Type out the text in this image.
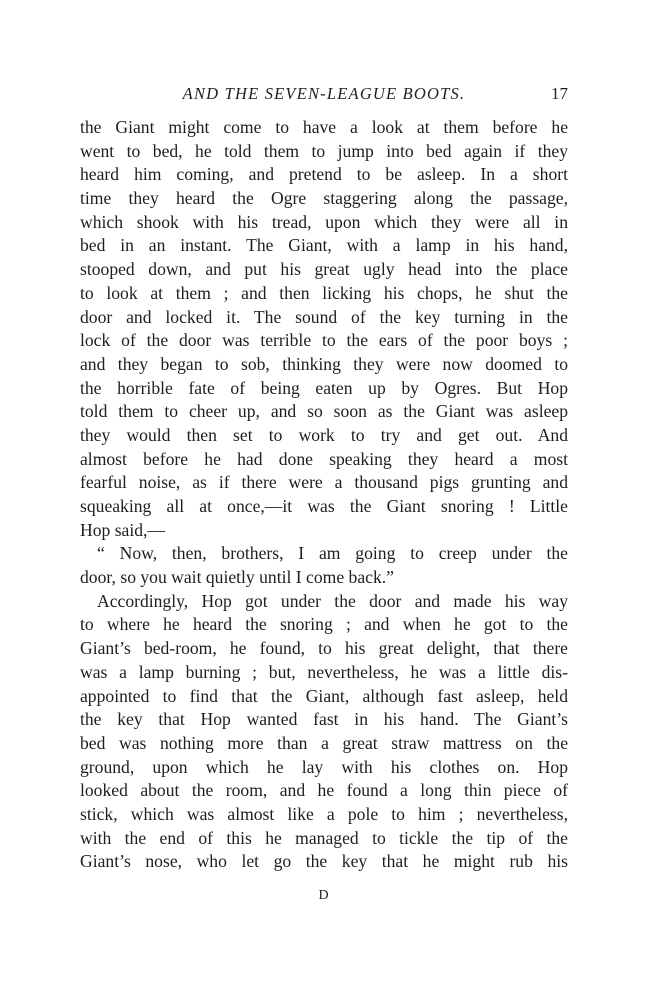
AND THE SEVEN-LEAGUE BOOTS.	17
the Giant might come to have a look at them before he
went to bed, he told them to jump into bed again if they
heard him coming, and pretend to be asleep. In a short
time they heard the Ogre staggering along the passage,
which shook with his tread, upon which they were all in
bed in an instant. The Giant, with a lamp in his hand,
stooped down, and put his great ugly head into the place
to look at them ; and then licking his chops, he shut the
door and locked it. The sound of the key turning in the
lock of the door was terrible to the ears of the poor boys ;
and they began to sob, thinking they were now doomed to
the horrible fate of being eaten up by Ogres. But Hop
told them to cheer up, and so soon as the Giant was asleep
they would then set to work to try and get out. And
almost before he had done speaking they heard a most
fearful noise, as if there were a thousand pigs grunting and
squeaking all at once,—it was the Giant snoring ! Little
Hop said,—
“ Now, then, brothers, I am going to creep under the
door, so you wait quietly until I come back.”
Accordingly, Hop got under the door and made his way
to where he heard the snoring ; and when he got to the
Giant’s bed-room, he found, to his great delight, that there
was a lamp burning ; but, nevertheless, he was a little dis-
appointed to find that the Giant, although fast asleep, held
the key that Hop wanted fast in his hand. The Giant’s
bed was nothing more than a great straw mattress on the
ground, upon which he lay with his clothes on. Hop
looked about the room, and he found a long thin piece of
stick, which was almost like a pole to him ; nevertheless,
with the end of this he managed to tickle the tip of the
Giant’s nose, who let go the key that he might rub his
D
